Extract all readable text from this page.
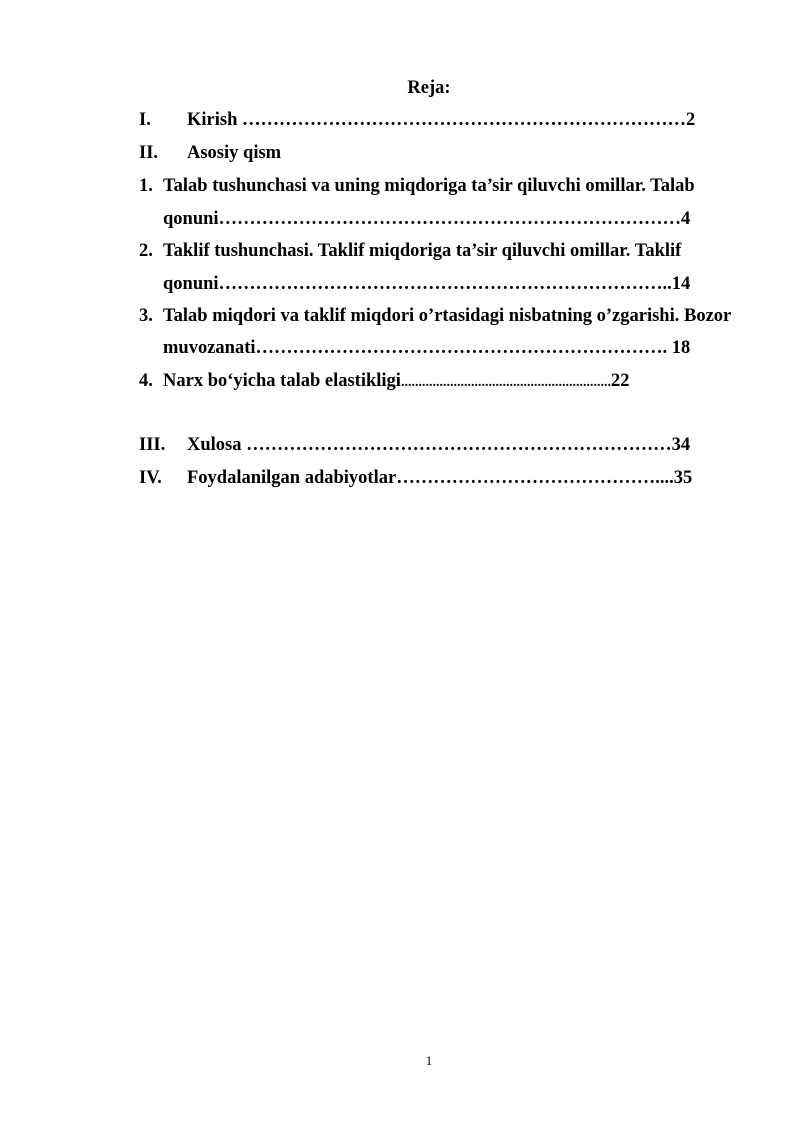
Reja:
I. Kirish ………………………………………………………………2
II. Asosiy qism
1. Talab tushunchasi va uning miqdoriga ta’sir qiluvchi omillar. Talab
qonuni…………………………………………………………………4
2. Taklif tushunchasi. Taklif miqdoriga ta’sir qiluvchi omillar. Taklif
qonuni………………………………………………………………..14
3. Talab miqdori va taklif miqdori o’rtasidagi nisbatning o’zgarishi. Bozor
muvozanati…………………………………………………………. 18
4. Narx bo‘yicha talab elastikligi............................................................22
III. Xulosa ……………………………………………………………34
IV. Foydalanilgan adabiyotlar……………………………………....35
1
